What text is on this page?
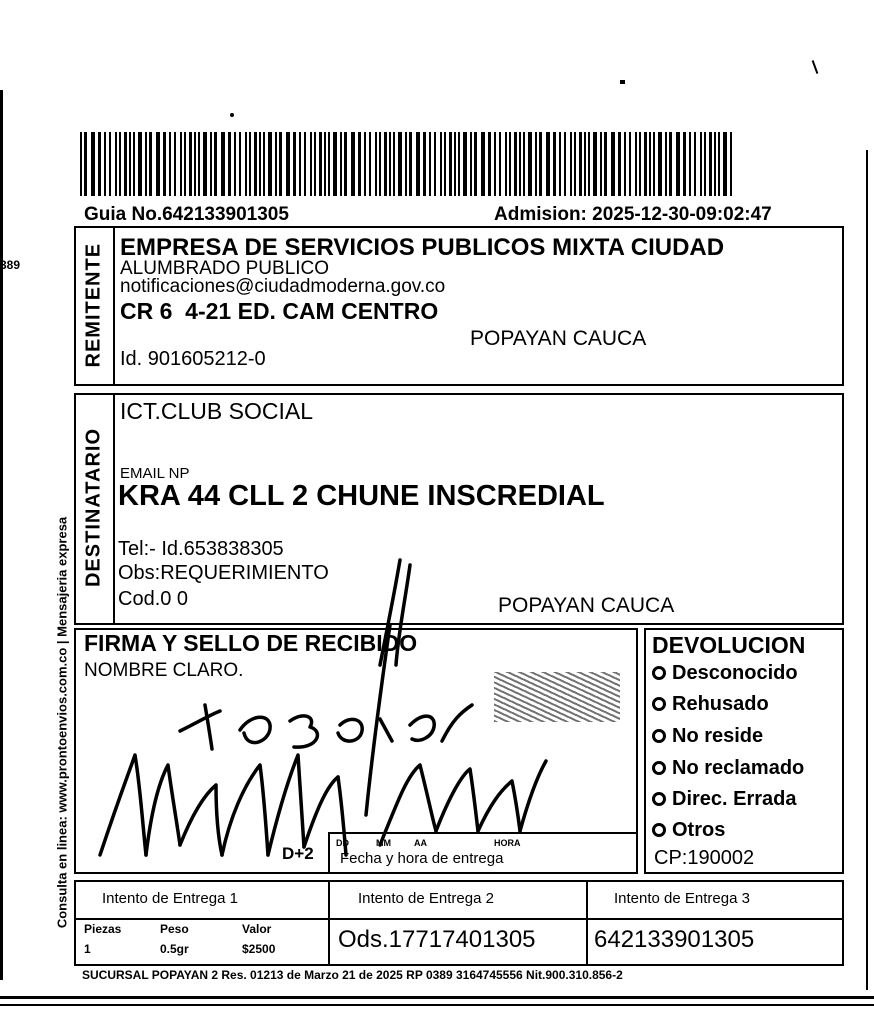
389
Guia No.642133901305	Admision: 2025-12-30-09:02:47
REMITENTE EMPRESA DE SERVICIOS PUBLICOS MIXTA CIUDAD
ALUMBRADO PUBLICO
notificaciones@ciudadmoderna.gov.co
CR 6  4-21 ED. CAM CENTRO
POPAYAN CAUCA
Id. 901605212-0
DESTINATARIO
ICT.CLUB SOCIAL
EMAIL NP
KRA 44 CLL 2 CHUNE INSCREDIAL
Tel:- Id.653838305
Obs:REQUERIMIENTO
Cod.0 0	POPAYAN CAUCA
FIRMA Y SELLO DE RECIBIDO
NOMBRE CLARO.
D+2
DD	MM	AA	HORA
Fecha y hora de entrega
DEVOLUCION
Desconocido
Rehusado
No reside
No reclamado
Direc. Errada
Otros
CP:190002
Consulta en linea: www.prontoenvios.com.co | Mensajeria expresa Intento de Entrega 1	Intento de Entrega 2	Intento de Entrega 3
Piezas	Peso	Valor
1	0.5gr	$2500	Ods.17717401305 642133901305
SUCURSAL POPAYAN 2 Res. 01213 de Marzo 21 de 2025 RP 0389 3164745556 Nit.900.310.856-2
